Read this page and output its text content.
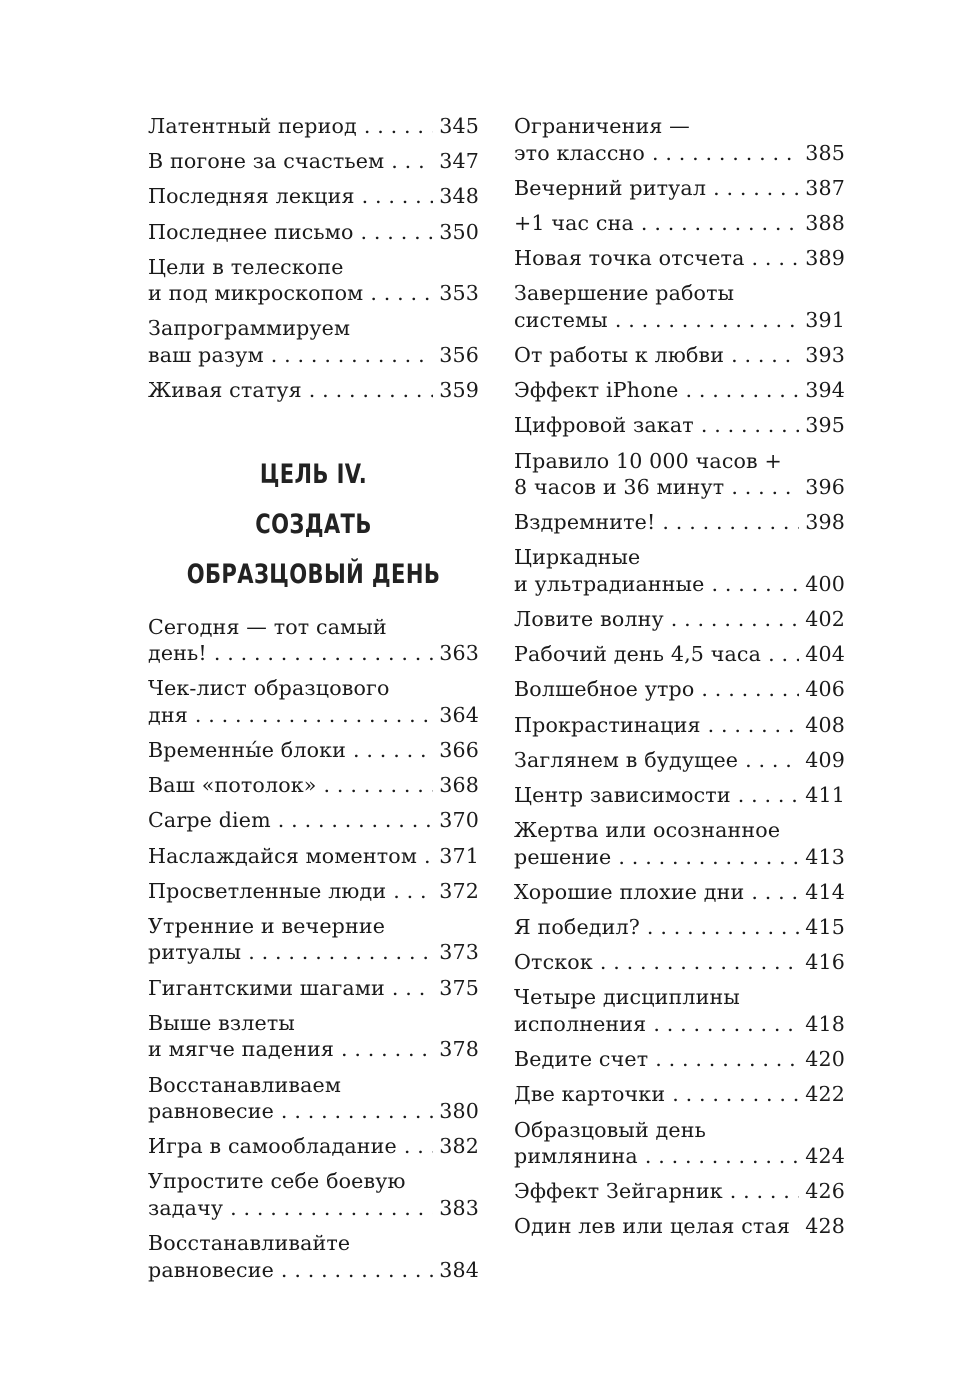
Латентный период . . .	345
В погоне за счастьем . . .	347
Последняя лекция . . .	348
Последнее письмо . . .	350
Цели в телескопе
и под микроскопом . . .	353
Запрограммируем
ваш разум . . .	356
Живая статуя . . .	359
ЦЕЛЬ IV.
СОЗДАТЬ ОБРАЗЦОВЫЙ ДЕНЬ
Сегодня — тот самый
день! . . .	363
Чек-лист образцового
дня . . .	364
Временны́е блоки . . .	366
Ваш «потолок» . . .	368
Carpe diem . . .	370
Наслаждайся моментом . . . 371
Просветленные люди . . .	372
Утренние и вечерние
ритуалы . . .	373
Гигантскими шагами . . .	375
Выше взлеты
и мягче падения . . .	378
Восстанавливаем
равновесие . . .	380
Игра в самообладание . . . 382
Упростите себе боевую
задачу . . .	383
Восстанавливайте
равновесие . . .	384
Ограничения —
это классно . . .	385
Вечерний ритуал . . .	387
+1 час сна . . .	388
Новая точка отсчета . . .	389
Завершение работы
системы . . .	391
От работы к любви . . .	393
Эффект iPhone . . .	394
Цифровой закат . . .	395
Правило 10 000 часов +
8 часов и 36 минут . . .	396
Вздремните! . . .	398
Циркадные
и ультрадианные . . .	400
Ловите волну . . .	402
Рабочий день 4,5 часа . . . 404
Волшебное утро . . .	406
Прокрастинация . . .	408
Заглянем в будущее . . .	409
Центр зависимости . . .	411
Жертва или осознанное
решение . . .	413
Хорошие плохие дни . . .	414
Я победил? . . .	415
Отскок . . .	416
Четыре дисциплины
исполнения . . .	418
Ведите счет . . .	420
Две карточки . . .	422
Образцовый день
римлянина . . .	424
Эффект Зейгарник . . .	426
Один лев или целая стая . . . 428
